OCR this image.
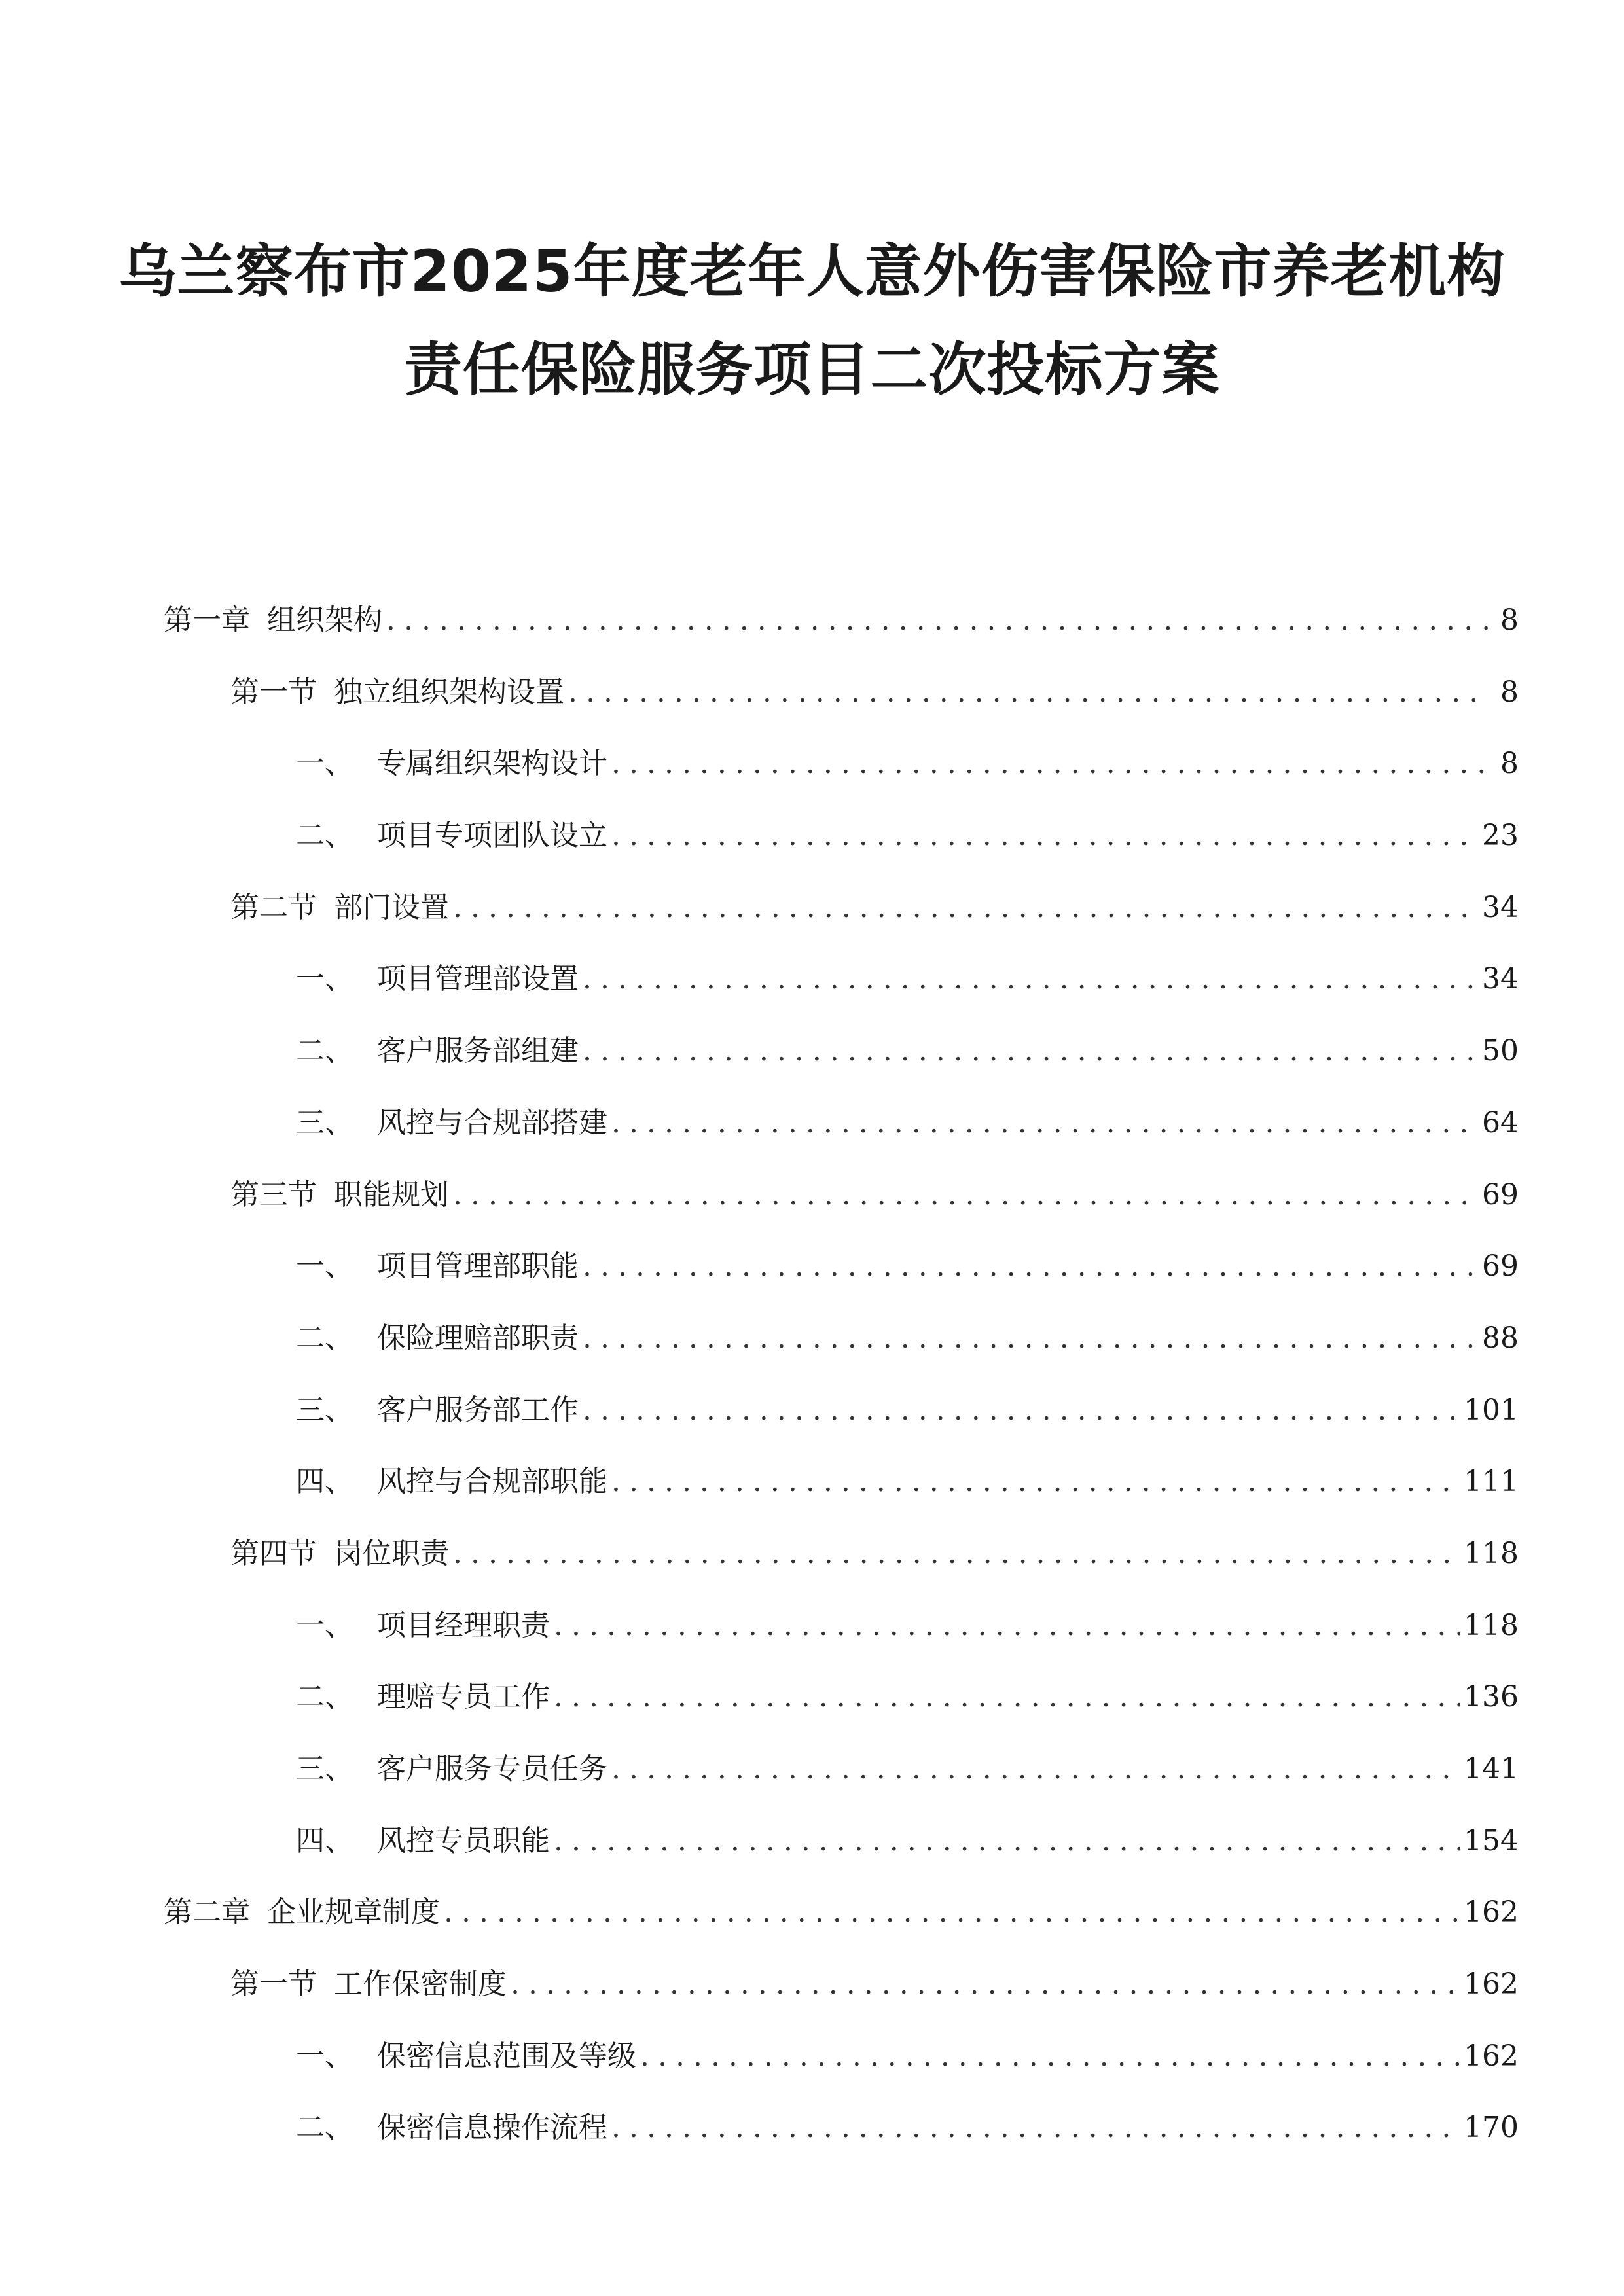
乌兰察布市2025年度老年人意外伤害保险市养老机构
责任保险服务项目二次投标方案
第一章 组织架构 .....	8
第一节 独立组织架构设置 .....	8
一、 专属组织架构设计 .....	8
二、 项目专项团队设立 .....	23
第二节 部门设置 .....	34
一、 项目管理部设置 .....	34
二、 客户服务部组建 .....	50
三、 风控与合规部搭建 .....	64
第三节 职能规划 .....	69
一、 项目管理部职能 .....	69
二、 保险理赔部职责 .....	88
三、 客户服务部工作 .....	101
四、 风控与合规部职能 .....	111
第四节 岗位职责 .....	118
一、 项目经理职责 .....	118
二、 理赔专员工作 .....	136
三、 客户服务专员任务 .....	141
四、 风控专员职能 .....	154
第二章 企业规章制度 .....	162
第一节 工作保密制度 .....	162
一、 保密信息范围及等级 .....	162
二、 保密信息操作流程 .....	170
